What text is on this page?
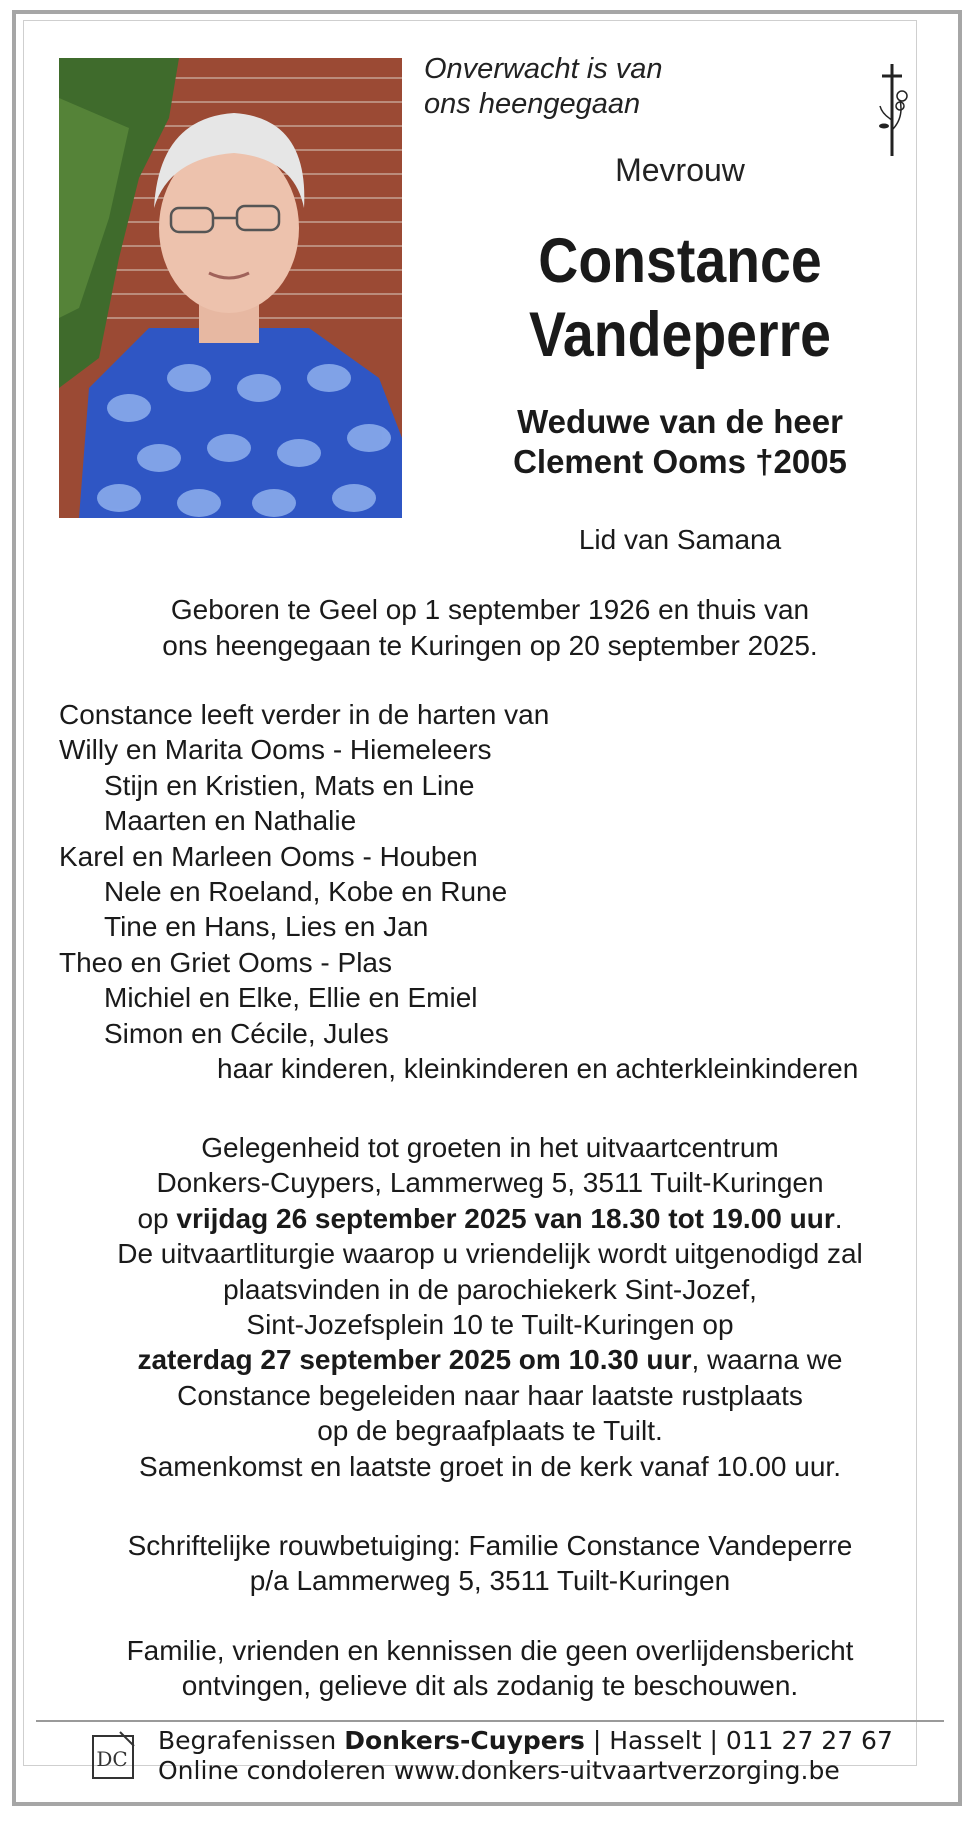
Onverwacht is van
ons heengegaan
Mevrouw
Constance
Vandeperre
Weduwe van de heer
Clement Ooms †2005
Lid van Samana
Geboren te Geel op 1 september 1926 en thuis van
ons heengegaan te Kuringen op 20 september 2025.
Constance leeft verder in de harten van
Willy en Marita Ooms - Hiemeleers
Stijn en Kristien, Mats en Line
Maarten en Nathalie
Karel en Marleen Ooms - Houben
Nele en Roeland, Kobe en Rune
Tine en Hans, Lies en Jan
Theo en Griet Ooms - Plas
Michiel en Elke, Ellie en Emiel
Simon en Cécile, Jules
haar kinderen, kleinkinderen en achterkleinkinderen
Gelegenheid tot groeten in het uitvaartcentrum
Donkers-Cuypers, Lammerweg 5, 3511 Tuilt-Kuringen
op vrijdag 26 september 2025 van 18.30 tot 19.00 uur.
De uitvaartliturgie waarop u vriendelijk wordt uitgenodigd zal
plaatsvinden in de parochiekerk Sint-Jozef,
Sint-Jozefsplein 10 te Tuilt-Kuringen op
zaterdag 27 september 2025 om 10.30 uur, waarna we
Constance begeleiden naar haar laatste rustplaats
op de begraafplaats te Tuilt.
Samenkomst en laatste groet in de kerk vanaf 10.00 uur.
Schriftelijke rouwbetuiging: Familie Constance Vandeperre
p/a Lammerweg 5, 3511 Tuilt-Kuringen
Familie, vrienden en kennissen die geen overlijdensbericht
ontvingen, gelieve dit als zodanig te beschouwen.
DC
Begrafenissen Donkers-Cuypers | Hasselt | 011 27 27 67
Online condoleren www.donkers-uitvaartverzorging.be
